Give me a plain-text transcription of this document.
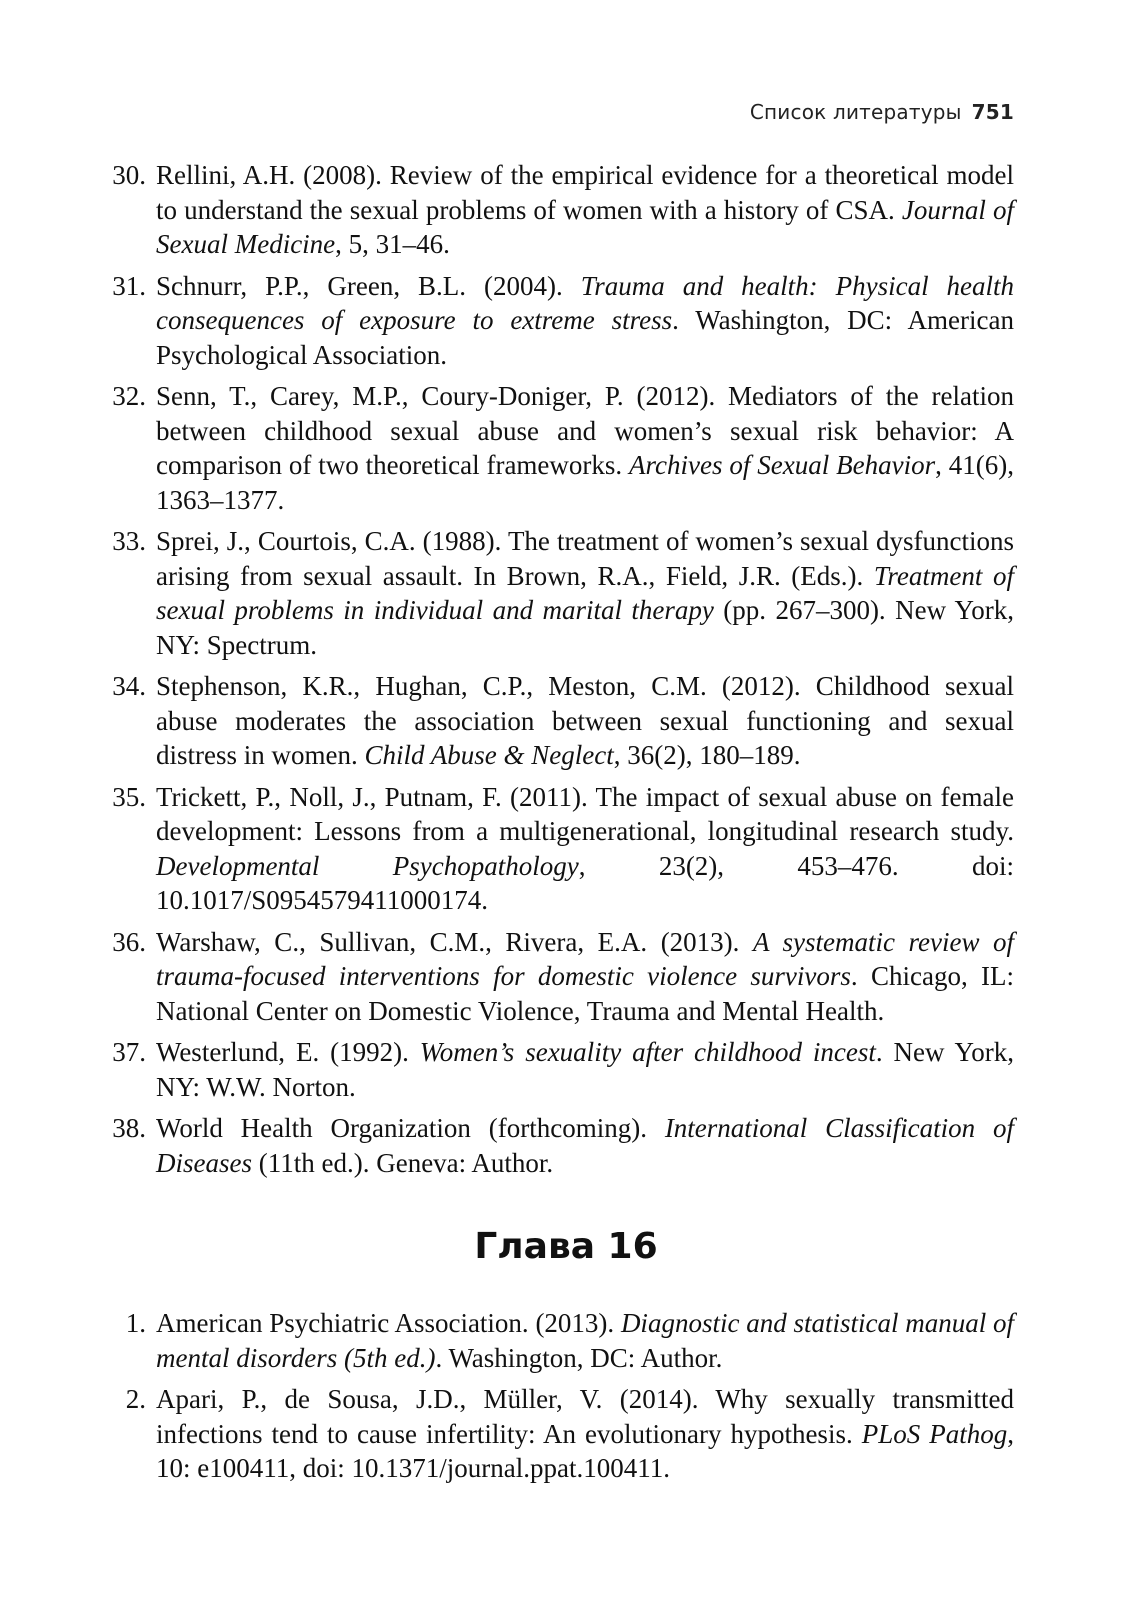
Список литературы 751
30. Rellini, A.H. (2008). Review of the empirical evidence for a theoretical model to understand the sexual problems of women with a history of CSA. Journal of Sexual Medicine, 5, 31–46.
31. Schnurr, P.P., Green, B.L. (2004). Trauma and health: Physical health consequences of exposure to extreme stress. Washington, DC: American Psychological Association.
32. Senn, T., Carey, M.P., Coury-Doniger, P. (2012). Mediators of the relation between childhood sexual abuse and women’s sexual risk behavior: A comparison of two theoretical frameworks. Archives of Sexual Behavior, 41(6), 1363–1377.
33. Sprei, J., Courtois, C.A. (1988). The treatment of women’s sexual dysfunctions arising from sexual assault. In Brown, R.A., Field, J.R. (Eds.). Treatment of sexual problems in individual and marital therapy (pp. 267–300). New York, NY: Spectrum.
34. Stephenson, K.R., Hughan, C.P., Meston, C.M. (2012). Childhood sexual abuse moderates the association between sexual functioning and sexual distress in women. Child Abuse & Neglect, 36(2), 180–189.
35. Trickett, P., Noll, J., Putnam, F. (2011). The impact of sexual abuse on female development: Lessons from a multigenerational, longitudinal research study. Developmental Psychopathology, 23(2), 453–476. doi: 10.1017/S0954579411000174.
36. Warshaw, C., Sullivan, C.M., Rivera, E.A. (2013). A systematic review of trauma-focused interventions for domestic violence survivors. Chicago, IL: National Center on Domestic Violence, Trauma and Mental Health.
37. Westerlund, E. (1992). Women’s sexuality after childhood incest. New York, NY: W.W. Norton.
38. World Health Organization (forthcoming). International Classification of Diseases (11th ed.). Geneva: Author.
Глава 16
1. American Psychiatric Association. (2013). Diagnostic and statistical manual of mental disorders (5th ed.). Washington, DC: Author.
2. Apari, P., de Sousa, J.D., Müller, V. (2014). Why sexually transmitted infections tend to cause infertility: An evolutionary hypothesis. PLoS Pathog, 10: e100411, doi: 10.1371/journal.ppat.100411.
